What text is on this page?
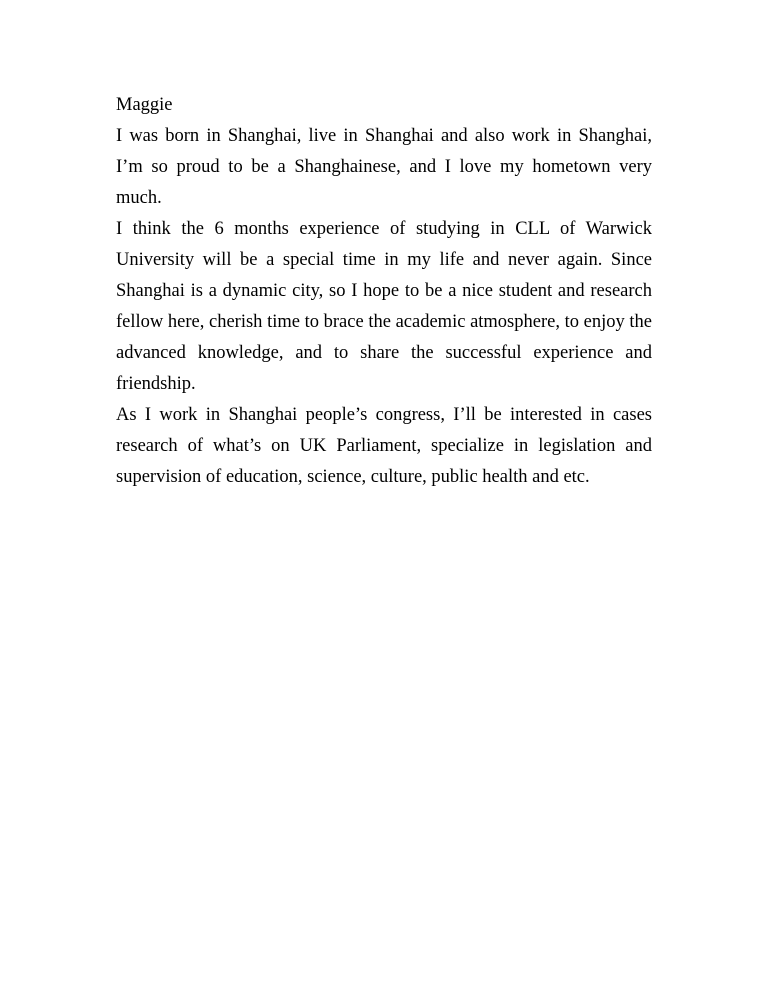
Maggie

I was born in Shanghai, live in Shanghai and also work in Shanghai, I’m so proud to be a Shanghainese, and I love my hometown very much.

I think the 6 months experience of studying in CLL of Warwick University will be a special time in my life and never again. Since Shanghai is a dynamic city, so I hope to be a nice student and research fellow here, cherish time to brace the academic atmosphere, to enjoy the advanced knowledge, and to share the successful experience and friendship.

As I work in Shanghai people’s congress, I’ll be interested in cases research of what’s on UK Parliament, specialize in legislation and supervision of education, science, culture, public health and etc.
